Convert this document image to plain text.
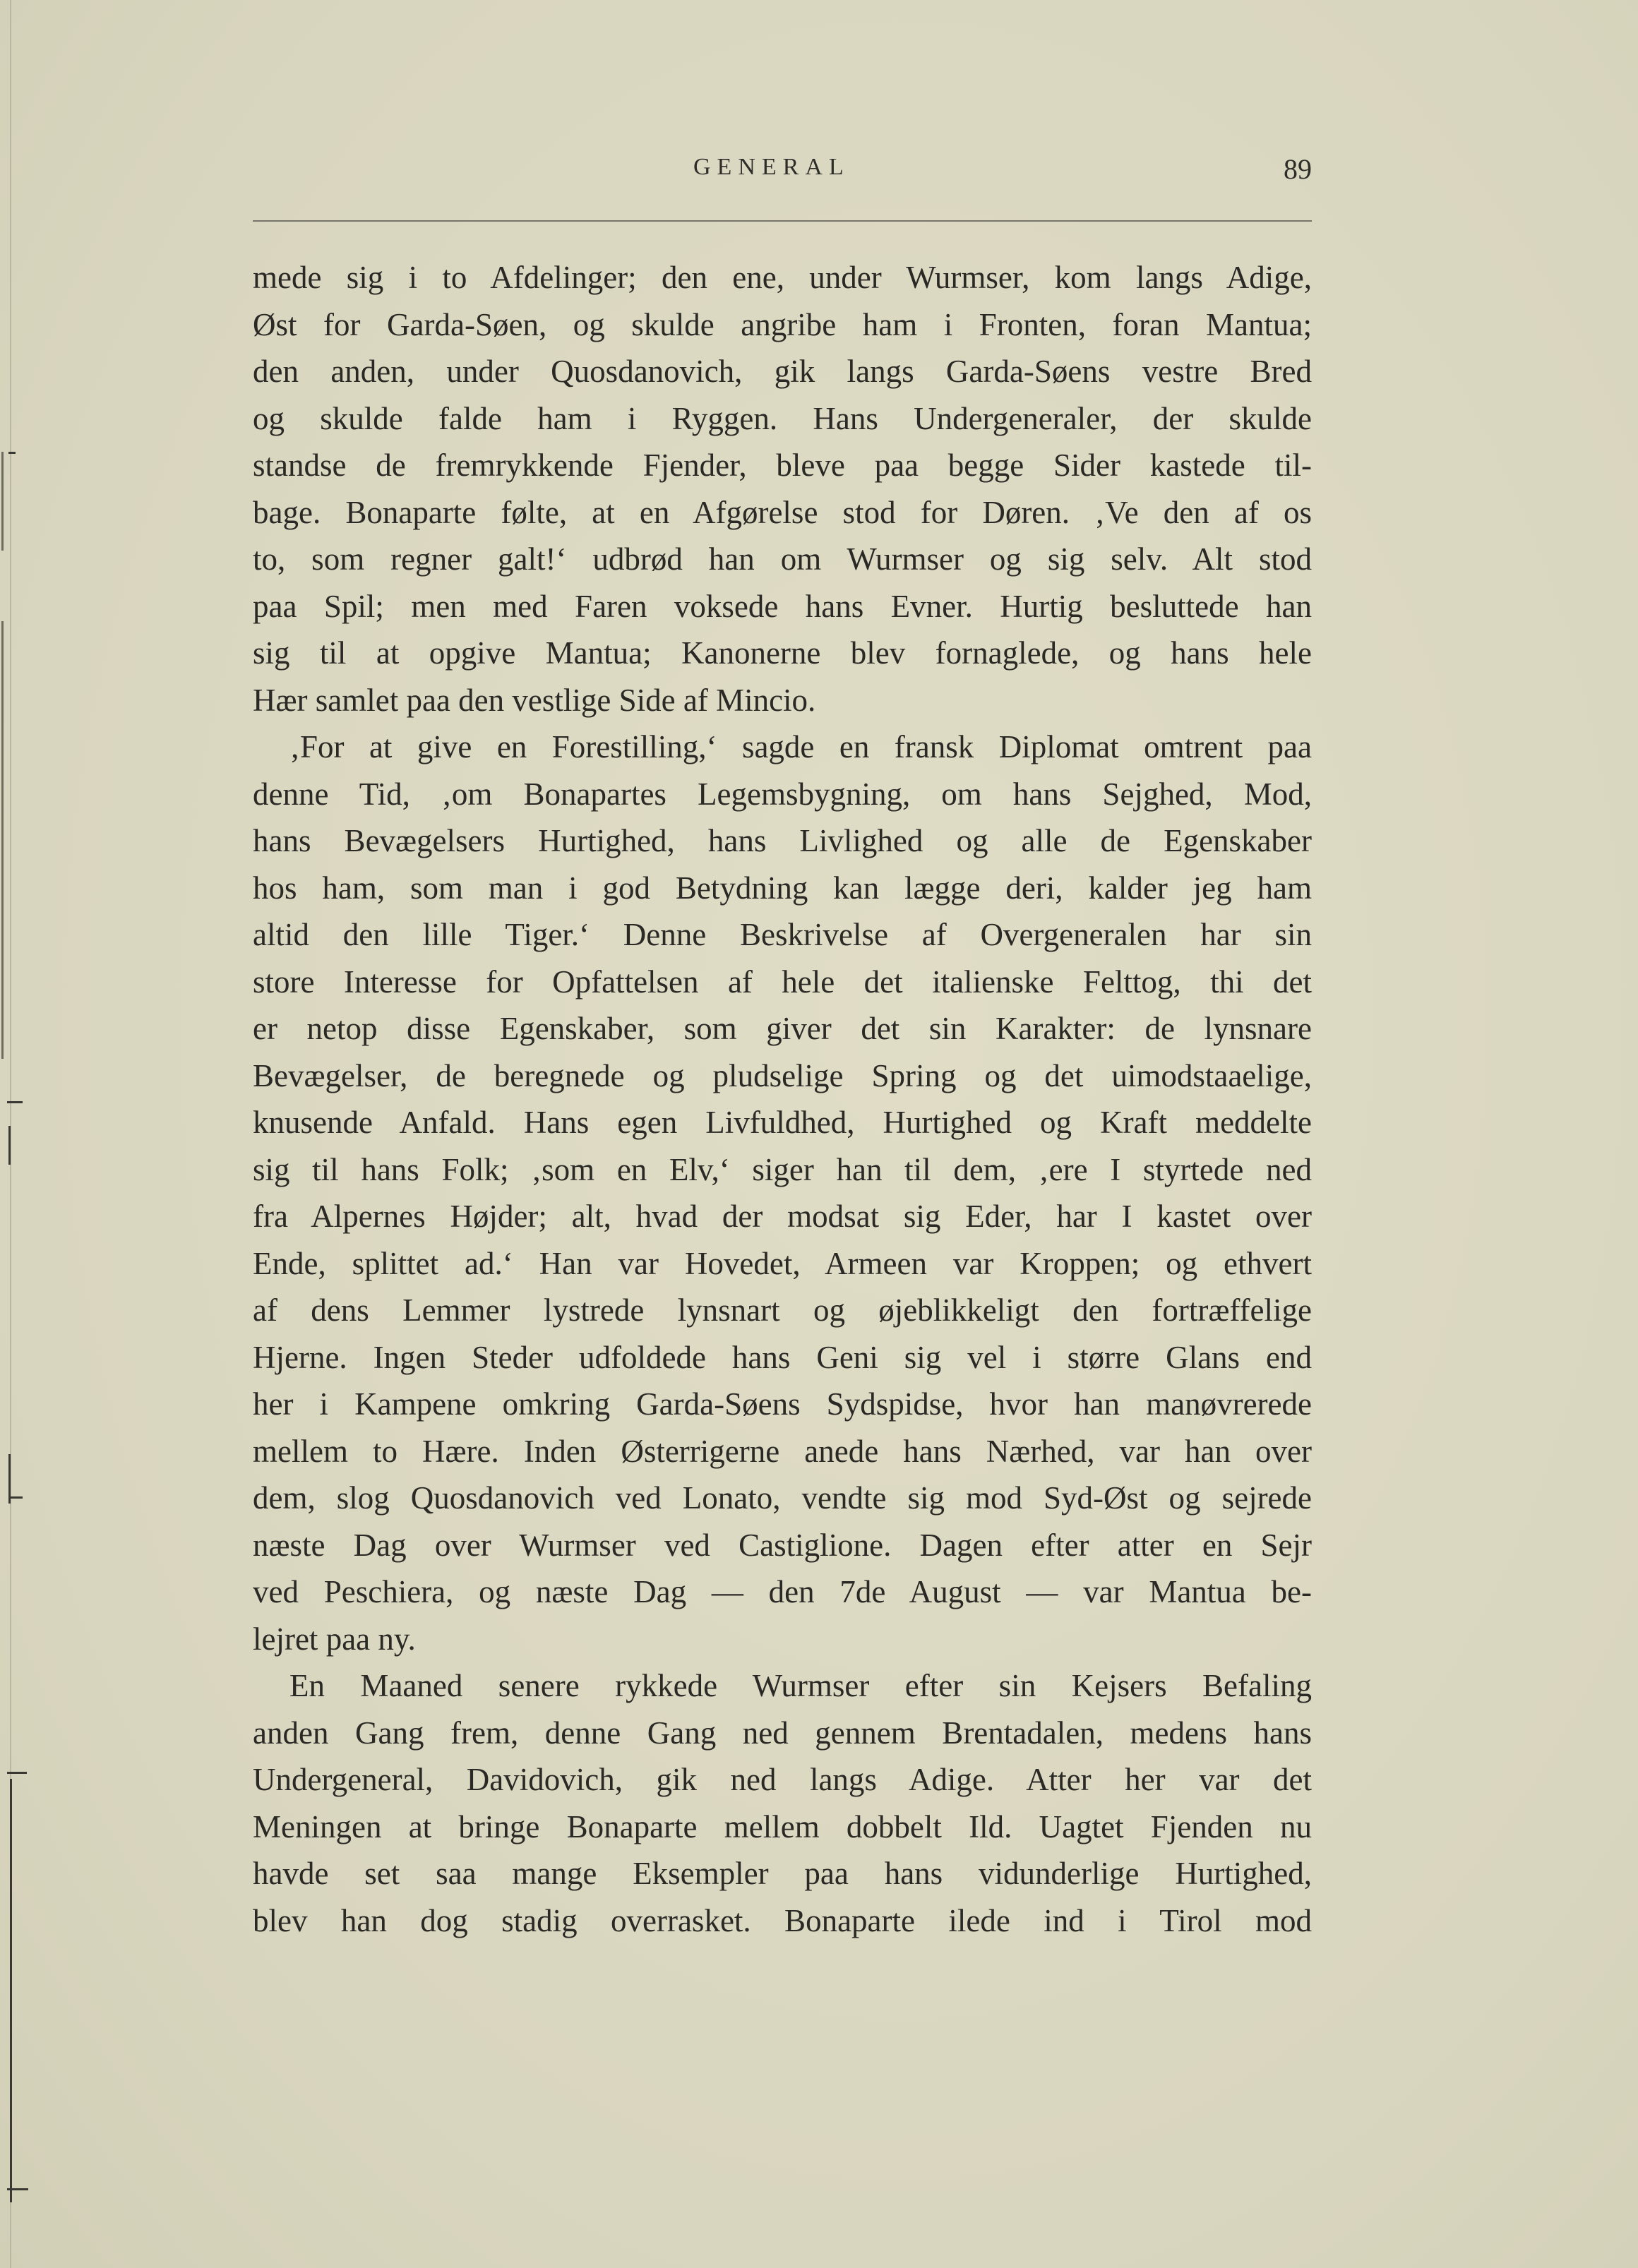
GENERAL	89
mede sig i to Afdelinger; den ene, under Wurmser, kom langs Adige,
Øst for Garda-Søen, og skulde angribe ham i Fronten, foran Mantua;
den anden, under Quosdanovich, gik langs Garda-Søens vestre Bred
og skulde falde ham i Ryggen. Hans Undergeneraler, der skulde
standse de fremrykkende Fjender, bleve paa begge Sider kastede til-
bage. Bonaparte følte, at en Afgørelse stod for Døren. ‚Ve den af os
to, som regner galt!‘ udbrød han om Wurmser og sig selv. Alt stod
paa Spil; men med Faren voksede hans Evner. Hurtig besluttede han
sig til at opgive Mantua; Kanonerne blev fornaglede, og hans hele
Hær samlet paa den vestlige Side af Mincio.
‚For at give en Forestilling,‘ sagde en fransk Diplomat omtrent paa
denne Tid, ‚om Bonapartes Legemsbygning, om hans Sejghed, Mod,
hans Bevægelsers Hurtighed, hans Livlighed og alle de Egenskaber
hos ham, som man i god Betydning kan lægge deri, kalder jeg ham
altid den lille Tiger.‘ Denne Beskrivelse af Overgeneralen har sin
store Interesse for Opfattelsen af hele det italienske Felttog, thi det
er netop disse Egenskaber, som giver det sin Karakter: de lynsnare
Bevægelser, de beregnede og pludselige Spring og det uimodstaaelige,
knusende Anfald. Hans egen Livfuldhed, Hurtighed og Kraft meddelte
sig til hans Folk; ‚som en Elv,‘ siger han til dem, ‚ere I styrtede ned
fra Alpernes Højder; alt, hvad der modsat sig Eder, har I kastet over
Ende, splittet ad.‘ Han var Hovedet, Armeen var Kroppen; og ethvert
af dens Lemmer lystrede lynsnart og øjeblikkeligt den fortræffelige
Hjerne. Ingen Steder udfoldede hans Geni sig vel i større Glans end
her i Kampene omkring Garda-Søens Sydspidse, hvor han manøvrerede
mellem to Hære. Inden Østerrigerne anede hans Nærhed, var han over
dem, slog Quosdanovich ved Lonato, vendte sig mod Syd-Øst og sejrede
næste Dag over Wurmser ved Castiglione. Dagen efter atter en Sejr
ved Peschiera, og næste Dag — den 7de August — var Mantua be-
lejret paa ny.
En Maaned senere rykkede Wurmser efter sin Kejsers Befaling
anden Gang frem, denne Gang ned gennem Brentadalen, medens hans
Undergeneral, Davidovich, gik ned langs Adige. Atter her var det
Meningen at bringe Bonaparte mellem dobbelt Ild. Uagtet Fjenden nu
havde set saa mange Eksempler paa hans vidunderlige Hurtighed,
blev han dog stadig overrasket. Bonaparte ilede ind i Tirol mod
